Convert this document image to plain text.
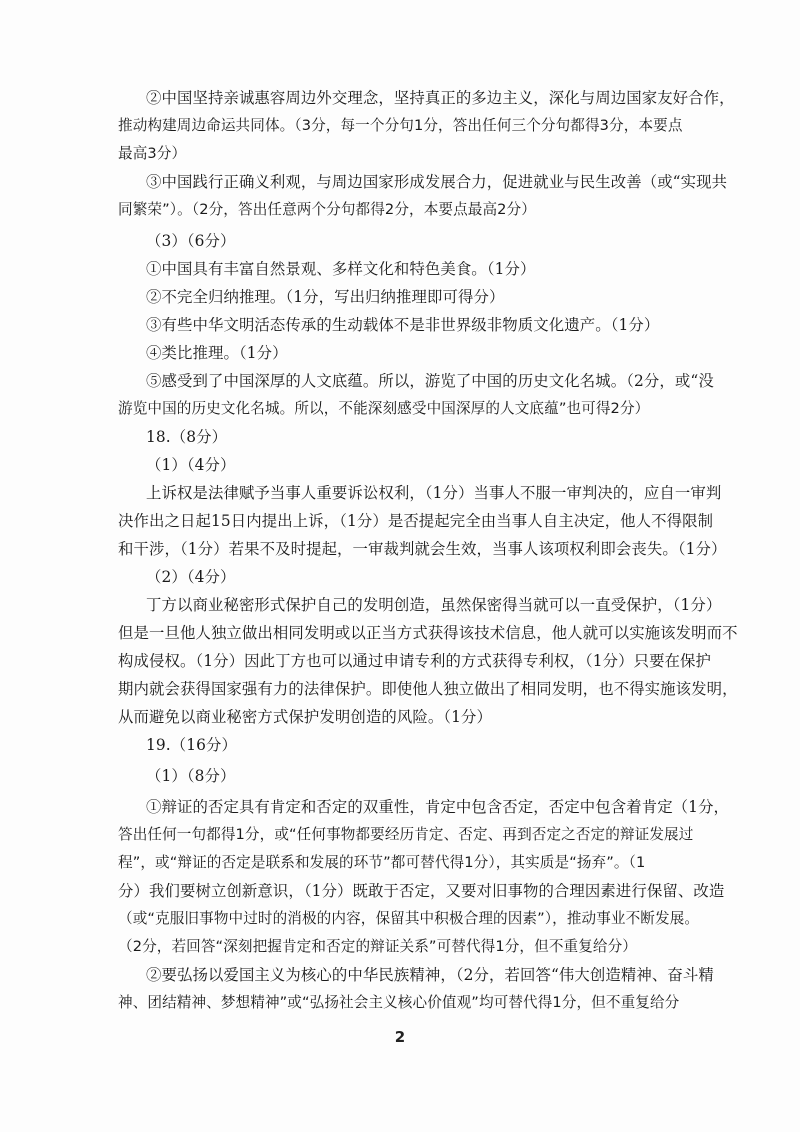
②中国坚持亲诚惠容周边外交理念，坚持真正的多边主义，深化与周边国家友好合作，
推动构建周边命运共同体。（3分，每一个分句1分，答出任何三个分句都得3分，本要点
最高3分）
③中国践行正确义利观，与周边国家形成发展合力，促进就业与民生改善（或“实现共
同繁荣”）。（2分，答出任意两个分句都得2分，本要点最高2分）
（3）（6分）
①中国具有丰富自然景观、多样文化和特色美食。（1分）
②不完全归纳推理。（1分，写出归纳推理即可得分）
③有些中华文明活态传承的生动载体不是非世界级非物质文化遗产。（1分）
④类比推理。（1分）
⑤感受到了中国深厚的人文底蕴。所以，游览了中国的历史文化名城。（2分，或“没
游览中国的历史文化名城。所以，不能深刻感受中国深厚的人文底蕴”也可得2分）
18.（8分）
（1）（4分）
上诉权是法律赋予当事人重要诉讼权利，（1分）当事人不服一审判决的，应自一审判
决作出之日起15日内提出上诉，（1分）是否提起完全由当事人自主决定，他人不得限制
和干涉，（1分）若果不及时提起，一审裁判就会生效，当事人该项权利即会丧失。（1分）
（2）（4分）
丁方以商业秘密形式保护自己的发明创造，虽然保密得当就可以一直受保护，（1分）
但是一旦他人独立做出相同发明或以正当方式获得该技术信息，他人就可以实施该发明而不
构成侵权。（1分）因此丁方也可以通过申请专利的方式获得专利权，（1分）只要在保护
期内就会获得国家强有力的法律保护。即使他人独立做出了相同发明，也不得实施该发明，
从而避免以商业秘密方式保护发明创造的风险。（1分）
19.（16分）
（1）（8分）
①辩证的否定具有肯定和否定的双重性，肯定中包含否定，否定中包含着肯定（1分，
答出任何一句都得1分，或“任何事物都要经历肯定、否定、再到否定之否定的辩证发展过
程”，或“辩证的否定是联系和发展的环节”都可替代得1分），其实质是“扬弃”。（1
分）我们要树立创新意识，（1分）既敢于否定，又要对旧事物的合理因素进行保留、改造
（或“克服旧事物中过时的消极的内容，保留其中积极合理的因素”），推动事业不断发展。
（2分，若回答“深刻把握肯定和否定的辩证关系”可替代得1分，但不重复给分）
②要弘扬以爱国主义为核心的中华民族精神，（2分，若回答“伟大创造精神、奋斗精
神、团结精神、梦想精神”或“弘扬社会主义核心价值观”均可替代得1分，但不重复给分
2
